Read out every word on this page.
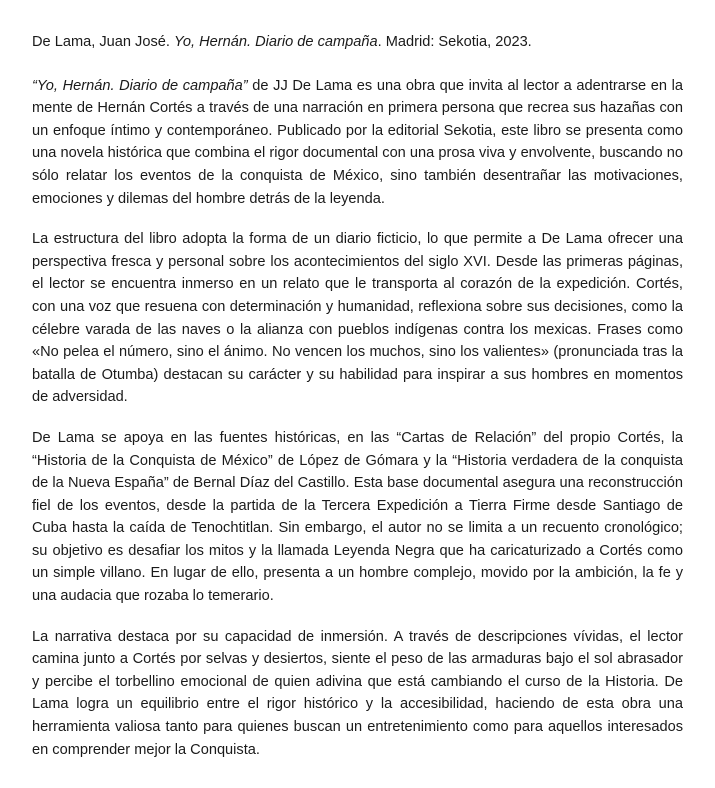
De Lama, Juan José. Yo, Hernán. Diario de campaña. Madrid: Sekotia, 2023.

“Yo, Hernán. Diario de campaña” de JJ De Lama es una obra que invita al lector a adentrarse en la mente de Hernán Cortés a través de una narración en primera persona que recrea sus hazañas con un enfoque íntimo y contemporáneo. Publicado por la editorial Sekotia, este libro se presenta como una novela histórica que combina el rigor documental con una prosa viva y envolvente, buscando no sólo relatar los eventos de la conquista de México, sino también desentrañar las motivaciones, emociones y dilemas del hombre detrás de la leyenda.

La estructura del libro adopta la forma de un diario ficticio, lo que permite a De Lama ofrecer una perspectiva fresca y personal sobre los acontecimientos del siglo XVI. Desde las primeras páginas, el lector se encuentra inmerso en un relato que le transporta al corazón de la expedición. Cortés, con una voz que resuena con determinación y humanidad, reflexiona sobre sus decisiones, como la célebre varada de las naves o la alianza con pueblos indígenas contra los mexicas. Frases como «No pelea el número, sino el ánimo. No vencen los muchos, sino los valientes» (pronunciada tras la batalla de Otumba) destacan su carácter y su habilidad para inspirar a sus hombres en momentos de adversidad.

De Lama se apoya en las fuentes históricas, en las “Cartas de Relación” del propio Cortés, la “Historia de la Conquista de México” de López de Gómara y la “Historia verdadera de la conquista de la Nueva España” de Bernal Díaz del Castillo. Esta base documental asegura una reconstrucción fiel de los eventos, desde la partida de la Tercera Expedición a Tierra Firme desde Santiago de Cuba hasta la caída de Tenochtitlan. Sin embargo, el autor no se limita a un recuento cronológico; su objetivo es desafiar los mitos y la llamada Leyenda Negra que ha caricaturizado a Cortés como un simple villano. En lugar de ello, presenta a un hombre complejo, movido por la ambición, la fe y una audacia que rozaba lo temerario.

La narrativa destaca por su capacidad de inmersión. A través de descripciones vívidas, el lector camina junto a Cortés por selvas y desiertos, siente el peso de las armaduras bajo el sol abrasador y percibe el torbellino emocional de quien adivina que está cambiando el curso de la Historia. De Lama logra un equilibrio entre el rigor histórico y la accesibilidad, haciendo de esta obra una herramienta valiosa tanto para quienes buscan un entretenimiento como para aquellos interesados en comprender mejor la Conquista.
